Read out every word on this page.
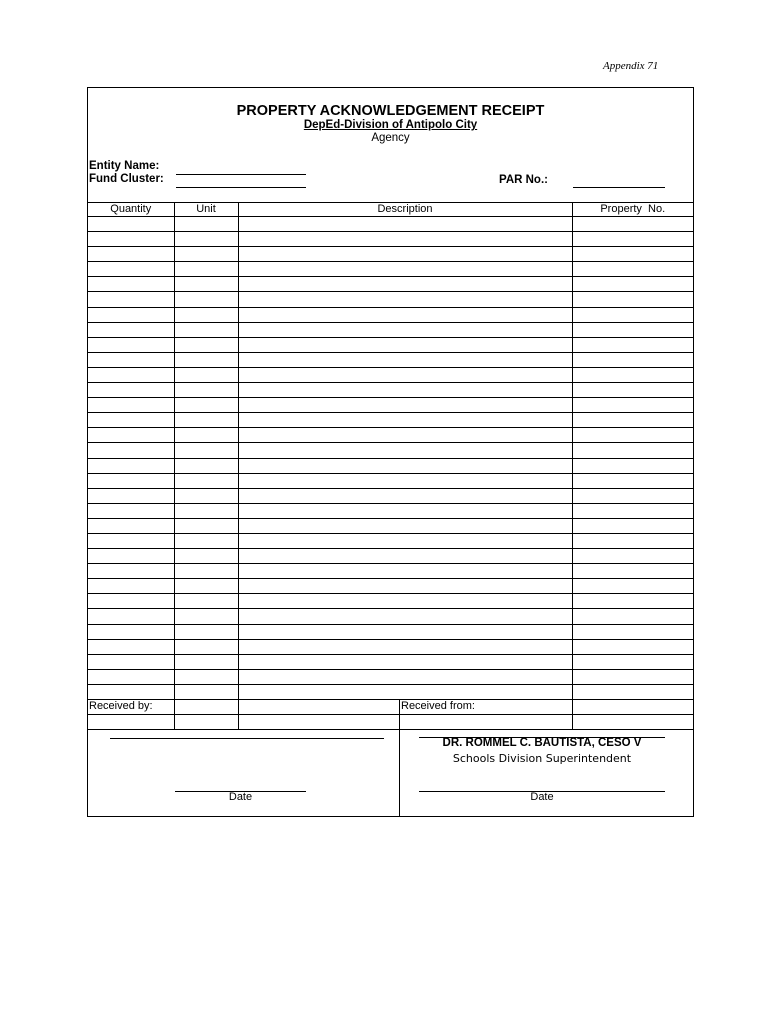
Appendix 71
PROPERTY ACKNOWLEDGEMENT RECEIPT
DepEd-Division of Antipolo City
Agency
Entity Name:
Fund Cluster:	PAR No.:
Quantity	Unit	Description	Property  No.

Received by:	Received from:
DR. ROMMEL C. BAUTISTA, CESO V
Schools Division Superintendent
Date	Date
